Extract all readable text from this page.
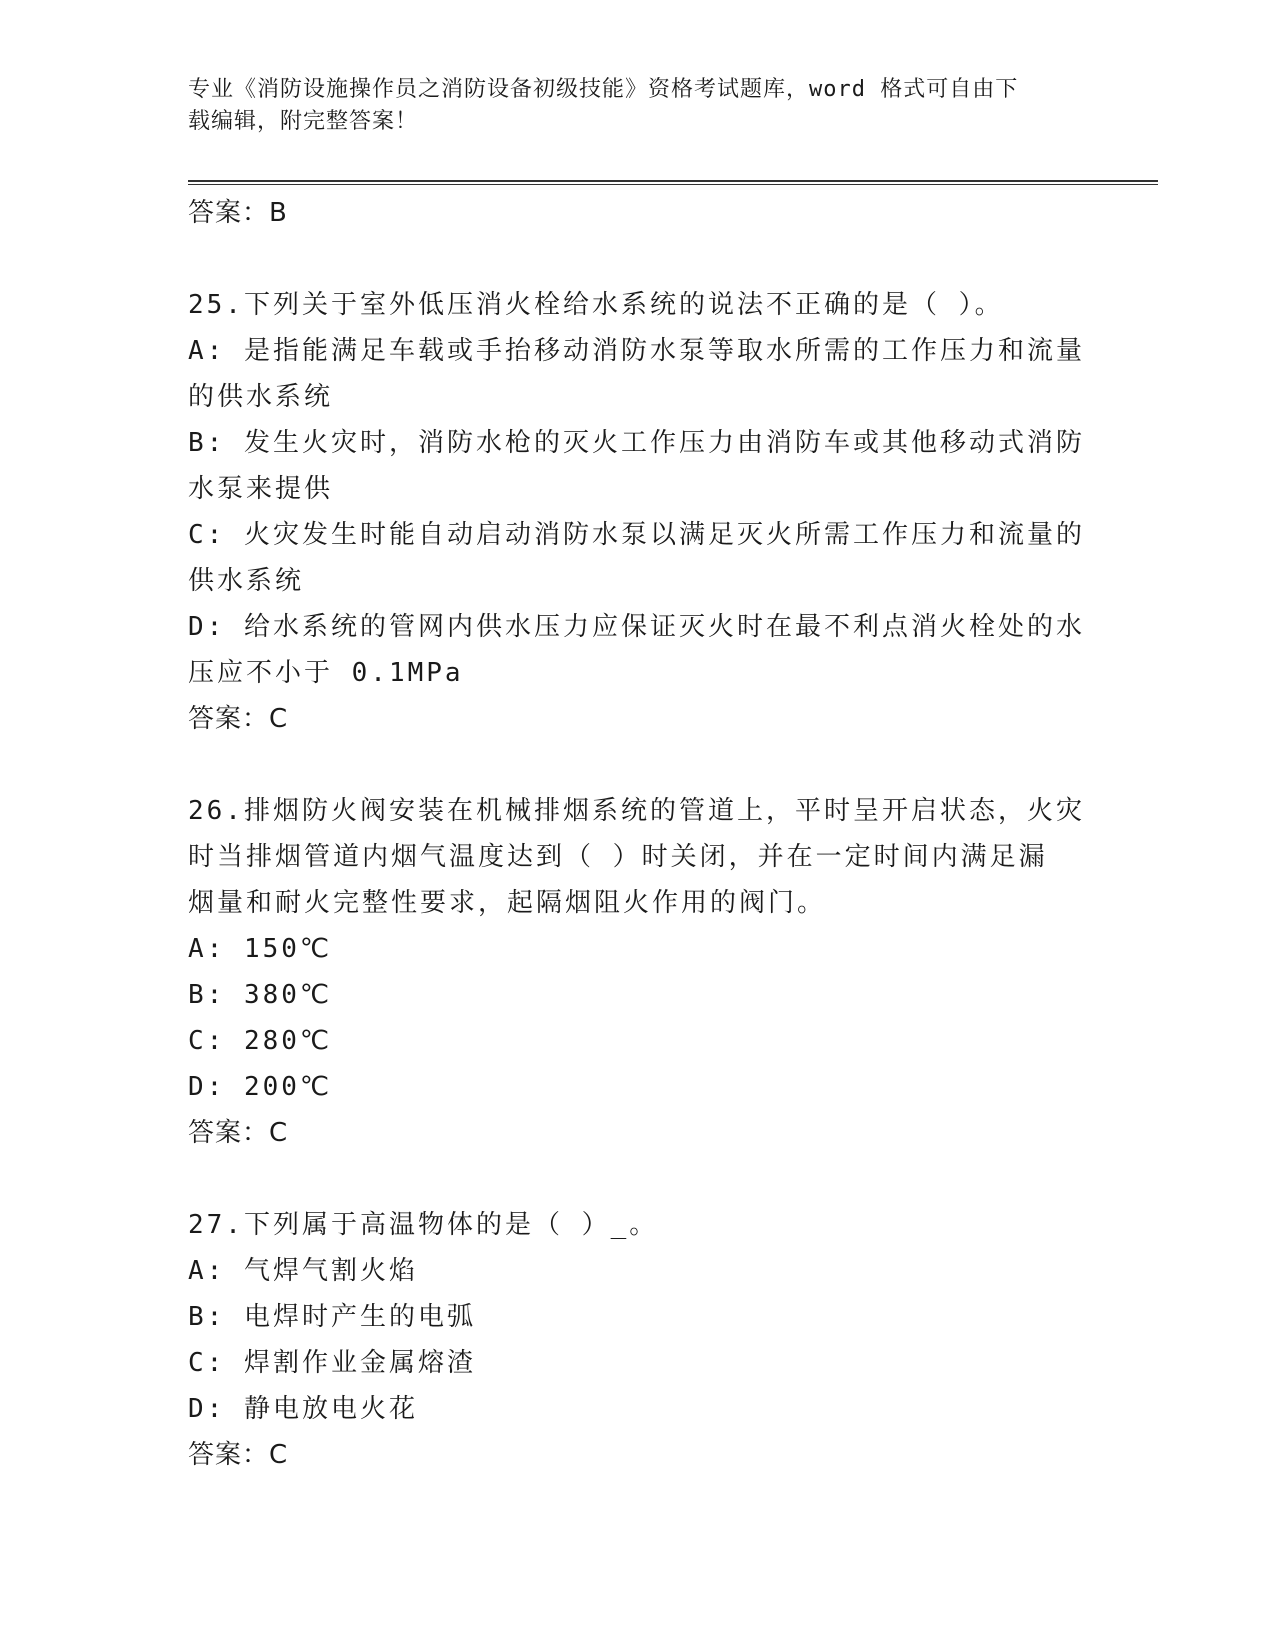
专业《消防设施操作员之消防设备初级技能》资格考试题库，word 格式可自由下
载编辑，附完整答案！
答案：B
25.下列关于室外低压消火栓给水系统的说法不正确的是（ ）。
A: 是指能满足车载或手抬移动消防水泵等取水所需的工作压力和流量
的供水系统
B: 发生火灾时，消防水枪的灭火工作压力由消防车或其他移动式消防
水泵来提供
C: 火灾发生时能自动启动消防水泵以满足灭火所需工作压力和流量的
供水系统
D: 给水系统的管网内供水压力应保证灭火时在最不利点消火栓处的水
压应不小于 0.1MPa
答案：C
26.排烟防火阀安装在机械排烟系统的管道上，平时呈开启状态，火灾
时当排烟管道内烟气温度达到（ ）时关闭，并在一定时间内满足漏
烟量和耐火完整性要求，起隔烟阻火作用的阀门。
A: 150℃
B: 380℃
C: 280℃
D: 200℃
答案：C
27.下列属于高温物体的是（ ）_。
A: 气焊气割火焰
B: 电焊时产生的电弧
C: 焊割作业金属熔渣
D: 静电放电火花
答案：C
